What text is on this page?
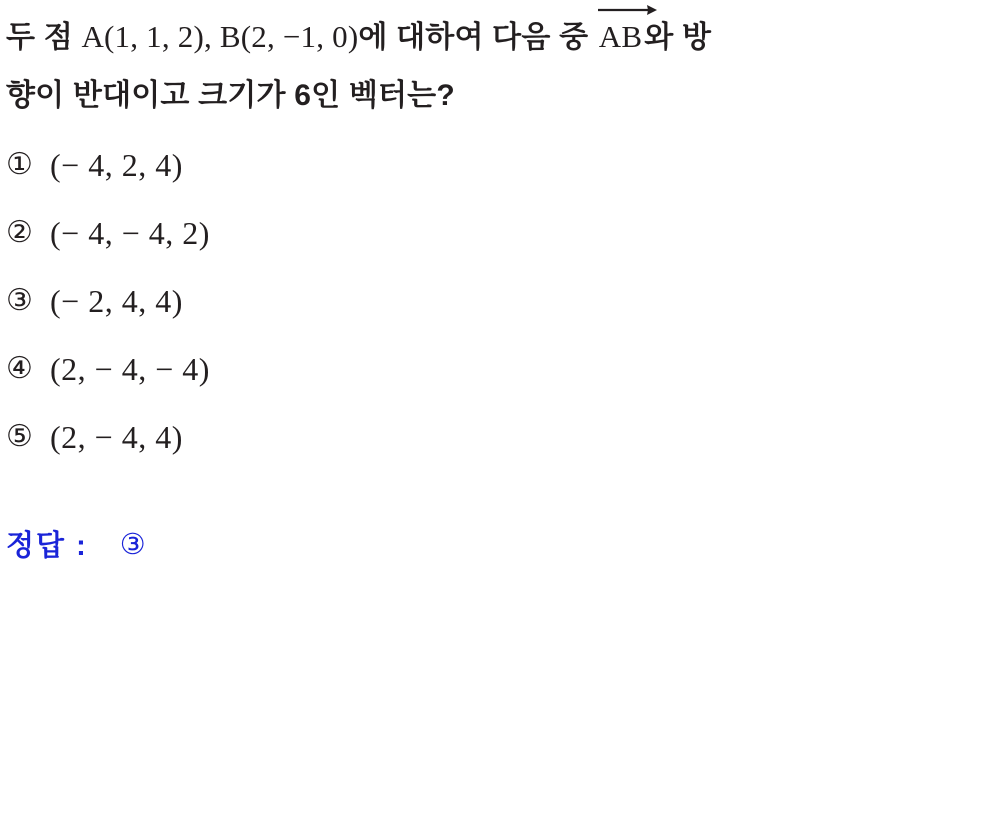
두 점 A(1, 1, 2), B(2, −1, 0)에 대하여 다음 중
AB와 방
향이 반대이고 크기가 6인 벡터는?
① (− 4, 2, 4)
② (− 4, − 4, 2)
③ (− 2, 4, 4)
④ (2, − 4, − 4)
⑤ (2, − 4, 4)
정답 : ③
